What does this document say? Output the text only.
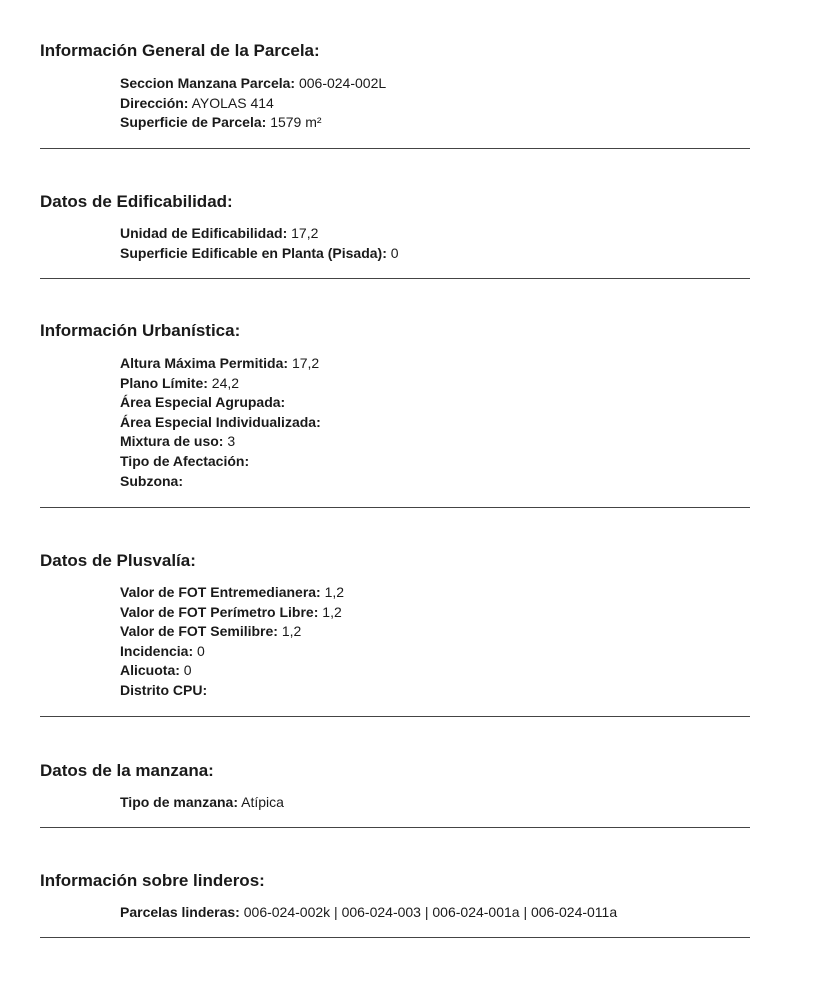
Información General de la Parcela:
Seccion Manzana Parcela: 006-024-002L
Dirección: AYOLAS 414
Superficie de Parcela: 1579 m²
Datos de Edificabilidad:
Unidad de Edificabilidad: 17,2
Superficie Edificable en Planta (Pisada): 0
Información Urbanística:
Altura Máxima Permitida: 17,2
Plano Límite: 24,2
Área Especial Agrupada:
Área Especial Individualizada:
Mixtura de uso: 3
Tipo de Afectación:
Subzona:
Datos de Plusvalía:
Valor de FOT Entremedianera: 1,2
Valor de FOT Perímetro Libre: 1,2
Valor de FOT Semilibre: 1,2
Incidencia: 0
Alicuota: 0
Distrito CPU:
Datos de la manzana:
Tipo de manzana: Atípica
Información sobre linderos:
Parcelas linderas: 006-024-002k | 006-024-003 | 006-024-001a | 006-024-011a
